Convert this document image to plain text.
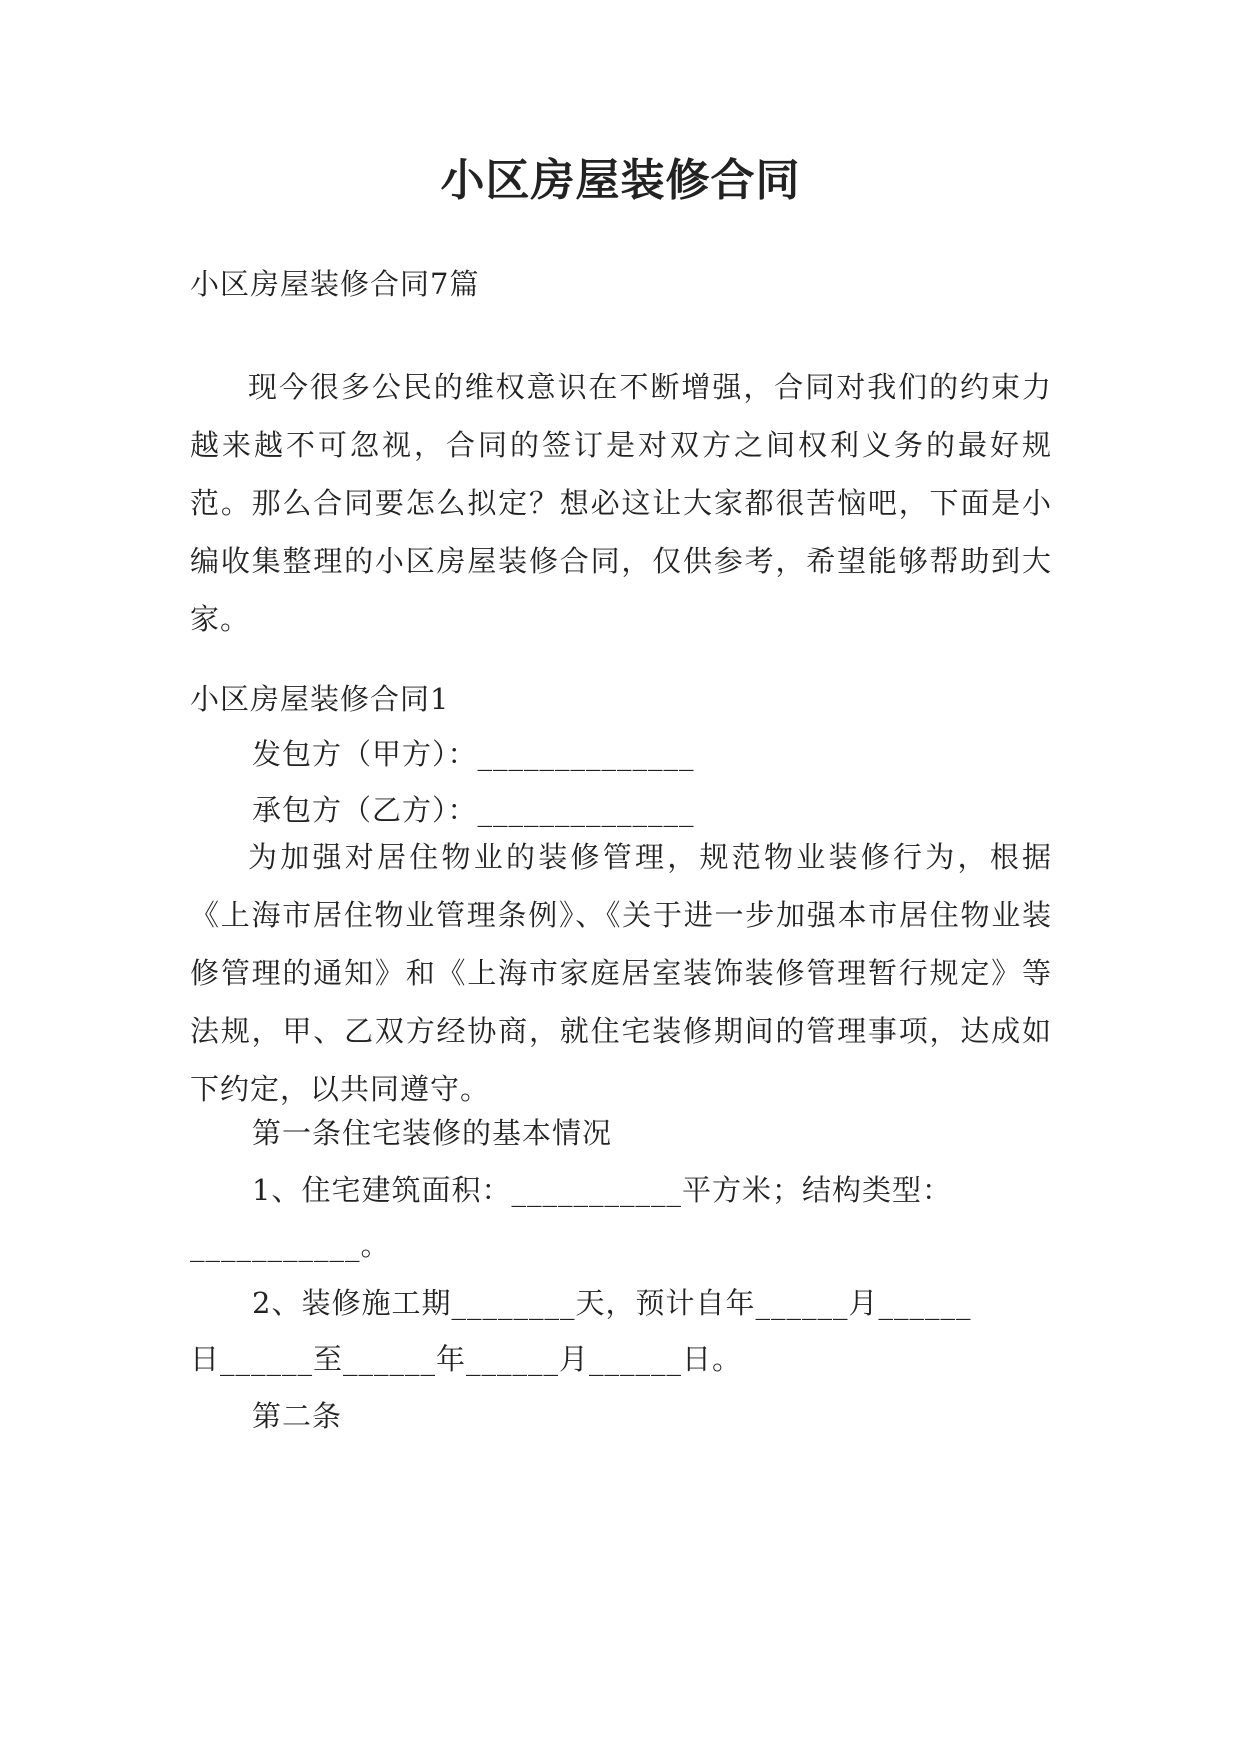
小区房屋装修合同
小区房屋装修合同7篇

现今很多公民的维权意识在不断增强，合同对我们的约束力越来越不可忽视，合同的签订是对双方之间权利义务的最好规范。那么合同要怎么拟定？想必这让大家都很苦恼吧，下面是小编收集整理的小区房屋装修合同，仅供参考，希望能够帮助到大家。

小区房屋装修合同1
发包方（甲方）：______________
承包方（乙方）：______________

为加强对居住物业的装修管理，规范物业装修行为，根据《上海市居住物业管理条例》、《关于进一步加强本市居住物业装修管理的通知》和《上海市家庭居室装饰装修管理暂行规定》等法规，甲、乙双方经协商，就住宅装修期间的管理事项，达成如下约定，以共同遵守。

第一条住宅装修的基本情况
1、住宅建筑面积：___________平方米；结构类型：
___________。
2、装修施工期________天，预计自年______月______
日______至______年______月______日。
第二条
